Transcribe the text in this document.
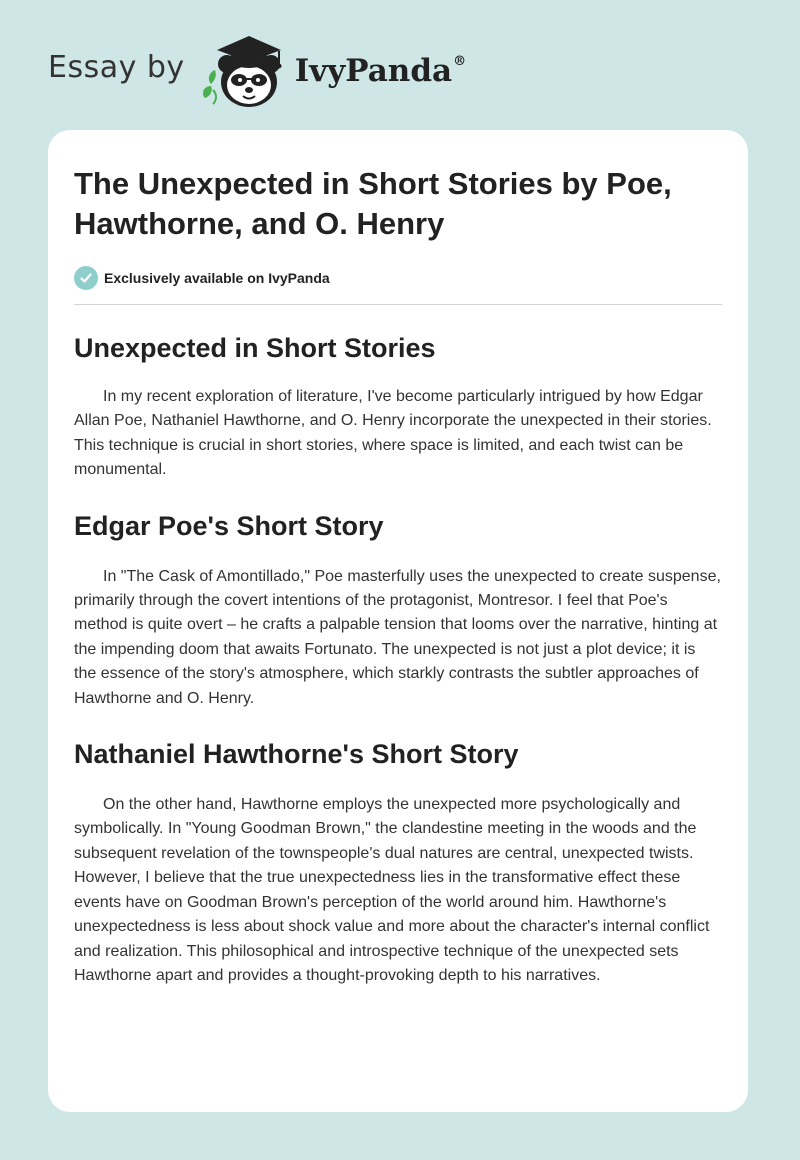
Essay by	IvyPanda®
The Unexpected in Short Stories by Poe, Hawthorne, and O. Henry
Exclusively available on IvyPanda
Unexpected in Short Stories

In my recent exploration of literature, I've become particularly intrigued by how Edgar Allan Poe, Nathaniel Hawthorne, and O. Henry incorporate the unexpected in their stories. This technique is crucial in short stories, where space is limited, and each twist can be monumental.

Edgar Poe's Short Story

In "The Cask of Amontillado," Poe masterfully uses the unexpected to create suspense, primarily through the covert intentions of the protagonist, Montresor. I feel that Poe's method is quite overt – he crafts a palpable tension that looms over the narrative, hinting at the impending doom that awaits Fortunato. The unexpected is not just a plot device; it is the essence of the story's atmosphere, which starkly contrasts the subtler approaches of Hawthorne and O. Henry.

Nathaniel Hawthorne's Short Story

On the other hand, Hawthorne employs the unexpected more psychologically and symbolically. In "Young Goodman Brown," the clandestine meeting in the woods and the subsequent revelation of the townspeople's dual natures are central, unexpected twists. However, I believe that the true unexpectedness lies in the transformative effect these events have on Goodman Brown's perception of the world around him. Hawthorne's unexpectedness is less about shock value and more about the character's internal conflict and realization. This philosophical and introspective technique of the unexpected sets Hawthorne apart and provides a thought-provoking depth to his narratives.
